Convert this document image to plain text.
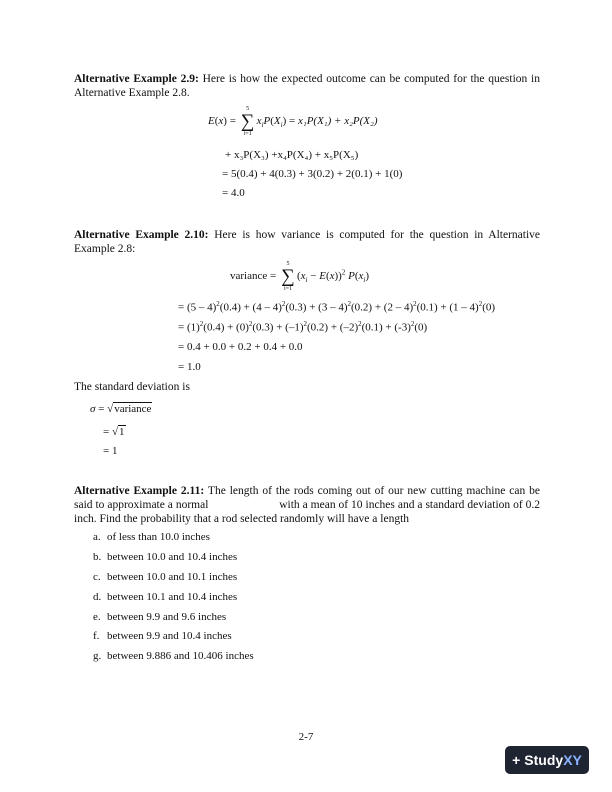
Alternative Example 2.9: Here is how the expected outcome can be computed for the question in Alternative Example 2.8.
E(x) =
5
∑
i=1
$x_iP(X_i) = x_1P(X_1) + x_2P(X_2)$
+ x₃P(X₃) +x₄P(X₄) + x₅P(X₅)
= 5(0.4) + 4(0.3) + 3(0.2) + 2(0.1) + 1(0)
= 4.0
Alternative Example 2.10: Here is how variance is computed for the question in Alternative Example 2.8:
variance =
5
∑
i=1
$(x_i - E(x))^2$ $P(x_i)$
= (5 – 4)$^2$(0.4) + (4 – 4)$^2$(0.3) + (3 – 4)$^2$(0.2) + (2 – 4)$^2$(0.1) + (1 – 4)$^2$(0)
= $(1)^2(0.4) + (0)^2(0.3) + (-1)^2(0.2) + (-2)^2(0.1) + (-3)^2(0)$
= 0.4 + 0.0 + 0.2 + 0.4 + 0.0
= 1.0
The standard deviation is
σ = √variance
= √1
= 1
Alternative Example 2.11: The length of the rods coming out of our new cutting machine can be said to approximate a normal                        with a mean of 10 inches and a standard deviation of 0.2 inch. Find the probability that a rod selected randomly will have a length
a. of less than 10.0 inches
b. between 10.0 and 10.4 inches
c. between 10.0 and 10.1 inches
d. between 10.1 and 10.4 inches
e. between 9.9 and 9.6 inches
f. between 9.9 and 10.4 inches
g. between 9.886 and 10.406 inches
2-7
+ Study XY
